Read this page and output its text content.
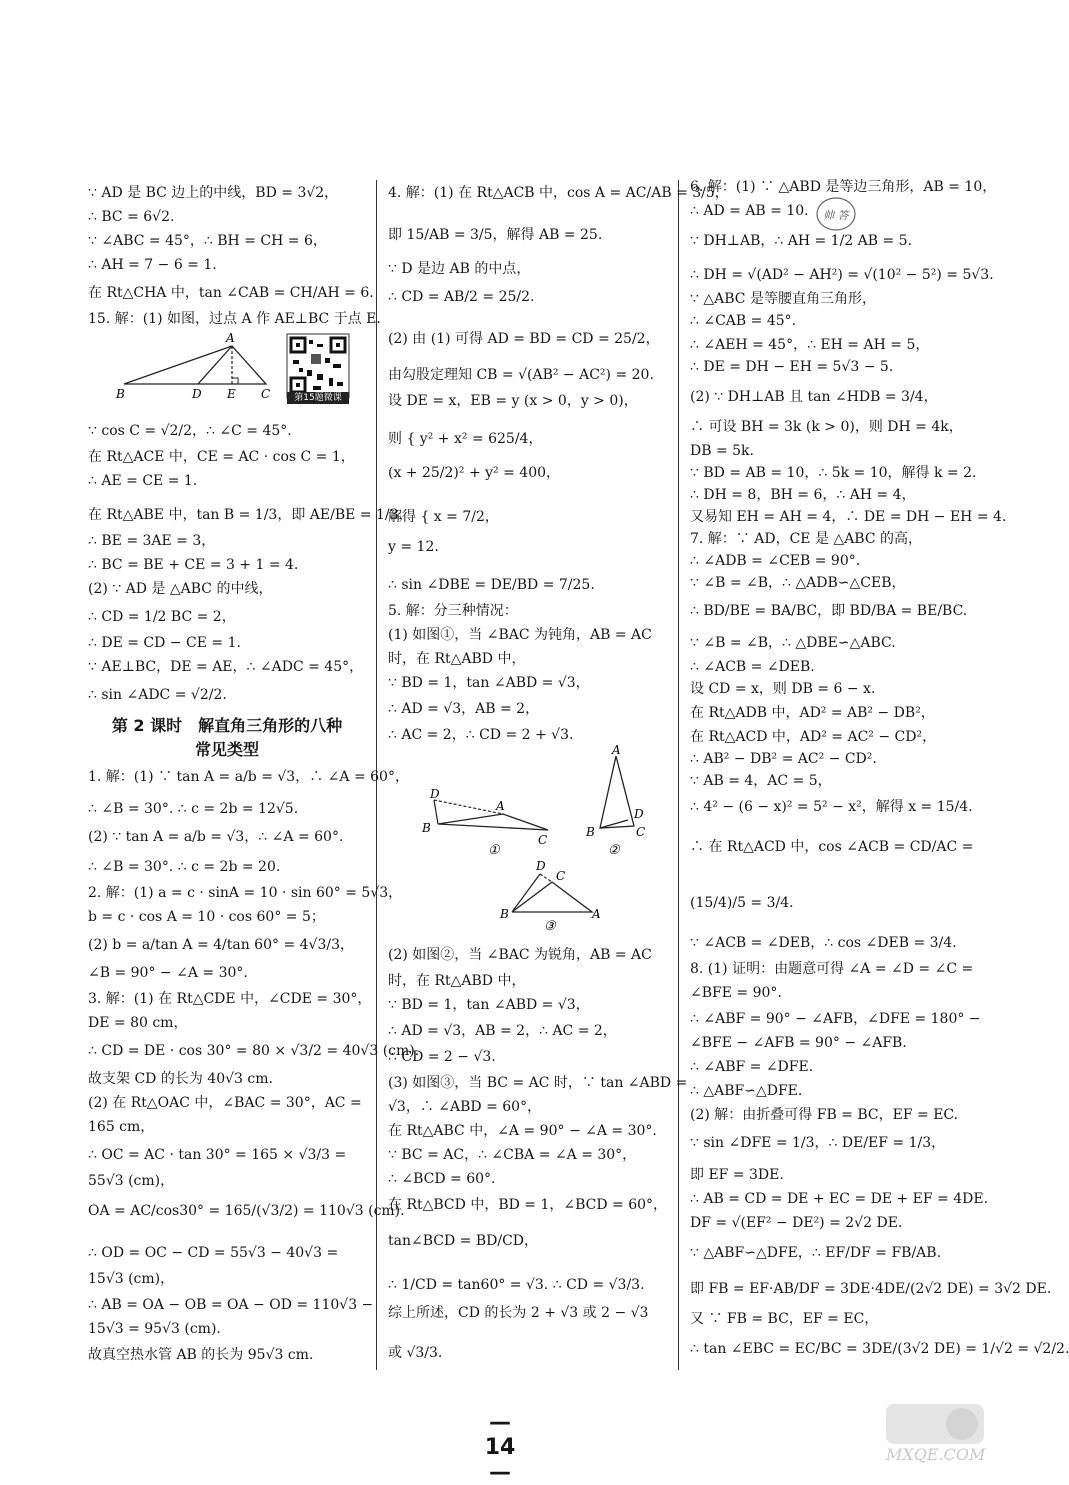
∵ AD 是 BC 边上的中线，BD = 3√2，
∴ BC = 6√2.
∵ ∠ABC = 45°，∴ BH = CH = 6，
∴ AH = 7 − 6 = 1.
在 Rt△CHA 中，tan ∠CAB = CH/AH = 6.
15. 解：(1) 如图，过点 A 作 AE⊥BC 于点 E.
A
B	D E C
∵ cos C = √2/2，∴ ∠C = 45°.
在 Rt△ACE 中，CE = AC · cos C = 1，
∴ AE = CE = 1.
在 Rt△ABE 中，tan B = 1/3，即 AE/BE = 1/3，
∴ BE = 3AE = 3，
∴ BC = BE + CE = 3 + 1 = 4.
(2) ∵ AD 是 △ABC 的中线，
∴ CD = 1/2 BC = 2，
∴ DE = CD − CE = 1.
∵ AE⊥BC，DE = AE，∴ ∠ADC = 45°，
∴ sin ∠ADC = √2/2.
第 2 课时　解直角三角形的八种
常见类型
1. 解：(1) ∵ tan A = a/b = √3，∴ ∠A = 60°，
∴ ∠B = 30°. ∴ c = 2b = 12√5.
(2) ∵ tan A = a/b = √3，∴ ∠A = 60°.
∴ ∠B = 30°. ∴ c = 2b = 20.
2. 解：(1) a = c · sinA = 10 · sin 60° = 5√3，
b = c · cos A = 10 · cos 60° = 5；
(2) b = a/tan A = 4/tan 60° = 4√3/3，
∠B = 90° − ∠A = 30°.
3. 解：(1) 在 Rt△CDE 中，∠CDE = 30°，
DE = 80 cm，
∴ CD = DE · cos 30° = 80 × √3/2 = 40√3 (cm).
故支架 CD 的长为 40√3 cm.
(2) 在 Rt△OAC 中，∠BAC = 30°，AC =
165 cm，
∴ OC = AC · tan 30° = 165 × √3/3 =
55√3 (cm)，
OA = AC/cos30° = 165/(√3/2) = 110√3 (cm).
∴ OD = OC − CD = 55√3 − 40√3 =
15√3 (cm)，
∴ AB = OA − OB = OA − OD = 110√3 −
15√3 = 95√3 (cm).
故真空热水管 AB 的长为 95√3 cm.
第15题微课
4. 解：(1) 在 Rt△ACB 中，cos A = AC/AB = 3/5，
即 15/AB = 3/5，解得 AB = 25.
∵ D 是边 AB 的中点，
∴ CD = AB/2 = 25/2.
(2) 由 (1) 可得 AD = BD = CD = 25/2，
由勾股定理知 CB = √(AB² − AC²) = 20.
设 DE = x，EB = y (x > 0，y > 0)，
则 { y² + x² = 625/4，
(x + 25/2)² + y² = 400，
解得 { x = 7/2，
y = 12.
∴ sin ∠DBE = DE/BD = 7/25.
5. 解：分三种情况：
(1) 如图①，当 ∠BAC 为钝角，AB = AC
时，在 Rt△ABD 中，
∵ BD = 1，tan ∠ABD = √3，
∴ AD = √3，AB = 2，
∴ AC = 2，∴ CD = 2 + √3.
D
A
B
C
①
A
B	C
D
②
D
C
B	A
③
(2) 如图②，当 ∠BAC 为锐角，AB = AC
时，在 Rt△ABD 中，
∵ BD = 1，tan ∠ABD = √3，
∴ AD = √3，AB = 2，∴ AC = 2，
∴ CD = 2 − √3.
(3) 如图③，当 BC = AC 时，∵ tan ∠ABD =
√3，∴ ∠ABD = 60°，
在 Rt△ABC 中，∠A = 90° − ∠A = 30°.
∵ BC = AC，∴ ∠CBA = ∠A = 30°，
∴ ∠BCD = 60°.
在 Rt△BCD 中，BD = 1，∠BCD = 60°，
tan∠BCD = BD/CD，
∴ 1/CD = tan60° = √3. ∴ CD = √3/3.
综上所述，CD 的长为 2 + √3 或 2 − √3
或 √3/3.
6. 解：(1) ∵ △ABD 是等边三角形，AB = 10，
∴ AD = AB = 10.
∵ DH⊥AB，∴ AH = 1/2 AB = 5.
∴ DH = √(AD² − AH²) = √(10² − 5²) = 5√3.
∵ △ABC 是等腰直角三角形，
∴ ∠CAB = 45°.
∴ ∠AEH = 45°，∴ EH = AH = 5，
∴ DE = DH − EH = 5√3 − 5.
(2) ∵ DH⊥AB 且 tan ∠HDB = 3/4，
∴ 可设 BH = 3k (k > 0)，则 DH = 4k，
DB = 5k.
∵ BD = AB = 10，∴ 5k = 10，解得 k = 2.
∴ DH = 8，BH = 6，∴ AH = 4，
又易知 EH = AH = 4，∴ DE = DH − EH = 4.
7. 解：∵ AD，CE 是 △ABC 的高，
∴ ∠ADB = ∠CEB = 90°.
∵ ∠B = ∠B，∴ △ADB∽△CEB，
∴ BD/BE = BA/BC，即 BD/BA = BE/BC.
∵ ∠B = ∠B，∴ △DBE∽△ABC.
∴ ∠ACB = ∠DEB.
设 CD = x，则 DB = 6 − x.
在 Rt△ADB 中，AD² = AB² − DB²，
在 Rt△ACD 中，AD² = AC² − CD²，
∴ AB² − DB² = AC² − CD².
∵ AB = 4，AC = 5，
∴ 4² − (6 − x)² = 5² − x²，解得 x = 15/4.
∴ 在 Rt△ACD 中，cos ∠ACB = CD/AC =
(15/4)/5 = 3/4.
∵ ∠ACB = ∠DEB，∴ cos ∠DEB = 3/4.
8. (1) 证明：由题意可得 ∠A = ∠D = ∠C =
∠BFE = 90°.
∴ ∠ABF = 90° − ∠AFB，∠DFE = 180° −
∠BFE − ∠AFB = 90° − ∠AFB.
∴ ∠ABF = ∠DFE.
∴ △ABF∽△DFE.
(2) 解：由折叠可得 FB = BC，EF = EC.
∵ sin ∠DFE = 1/3，∴ DE/EF = 1/3，
即 EF = 3DE.
∴ AB = CD = DE + EC = DE + EF = 4DE.
DF = √(EF² − DE²) = 2√2 DE.
∵ △ABF∽△DFE，∴ EF/DF = FB/AB.
即 FB = EF·AB/DF = 3DE·4DE/(2√2 DE) = 3√2 DE.
又 ∵ FB = BC，EF = EC，
∴ tan ∠EBC = EC/BC = 3DE/(3√2 DE) = 1/√2 = √2/2.
帅 答
— 14 —
MXQE.COM
